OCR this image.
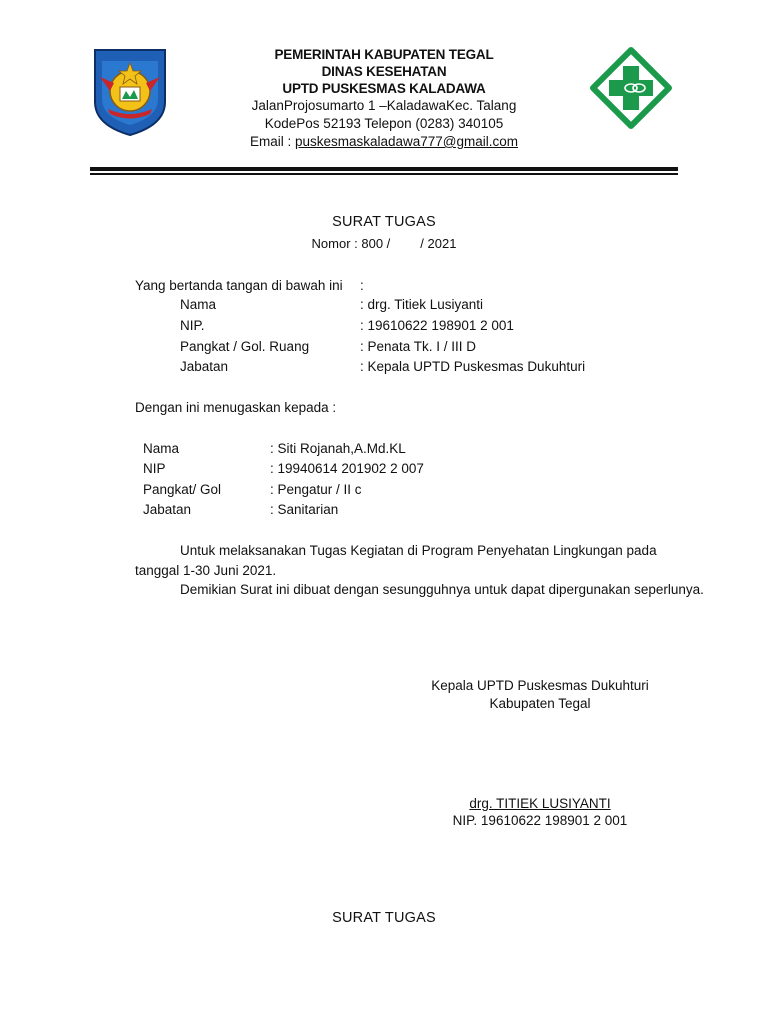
PEMERINTAH KABUPATEN TEGAL
DINAS KESEHATAN
UPTD PUSKESMAS KALADAWA
JalanProjosumarto 1 –KaladawaKec. Talang
KodePos 52193 Telepon (0283) 340105
Email : puskesmaskaladawa777@gmail.com
SURAT TUGAS
Nomor : 800 / / 2021
Yang bertanda tangan di bawah ini :
Nama	: drg. Titiek Lusiyanti
NIP.	: 19610622 198901 2 001
Pangkat / Gol. Ruang	: Penata Tk. I / III D
Jabatan	: Kepala UPTD Puskesmas Dukuhturi
Dengan ini menugaskan kepada :
Nama	: Siti Rojanah,A.Md.KL
NIP	: 19940614 201902 2 007
Pangkat/ Gol	: Pengatur / II c
Jabatan	: Sanitarian
Untuk melaksanakan Tugas Kegiatan di Program Penyehatan Lingkungan pada tanggal 1-30 Juni 2021.
Demikian Surat ini dibuat dengan sesungguhnya untuk dapat dipergunakan seperlunya.
Kepala UPTD Puskesmas Dukuhturi
Kabupaten Tegal
drg. TITIEK LUSIYANTI
NIP. 19610622 198901 2 001
SURAT TUGAS
